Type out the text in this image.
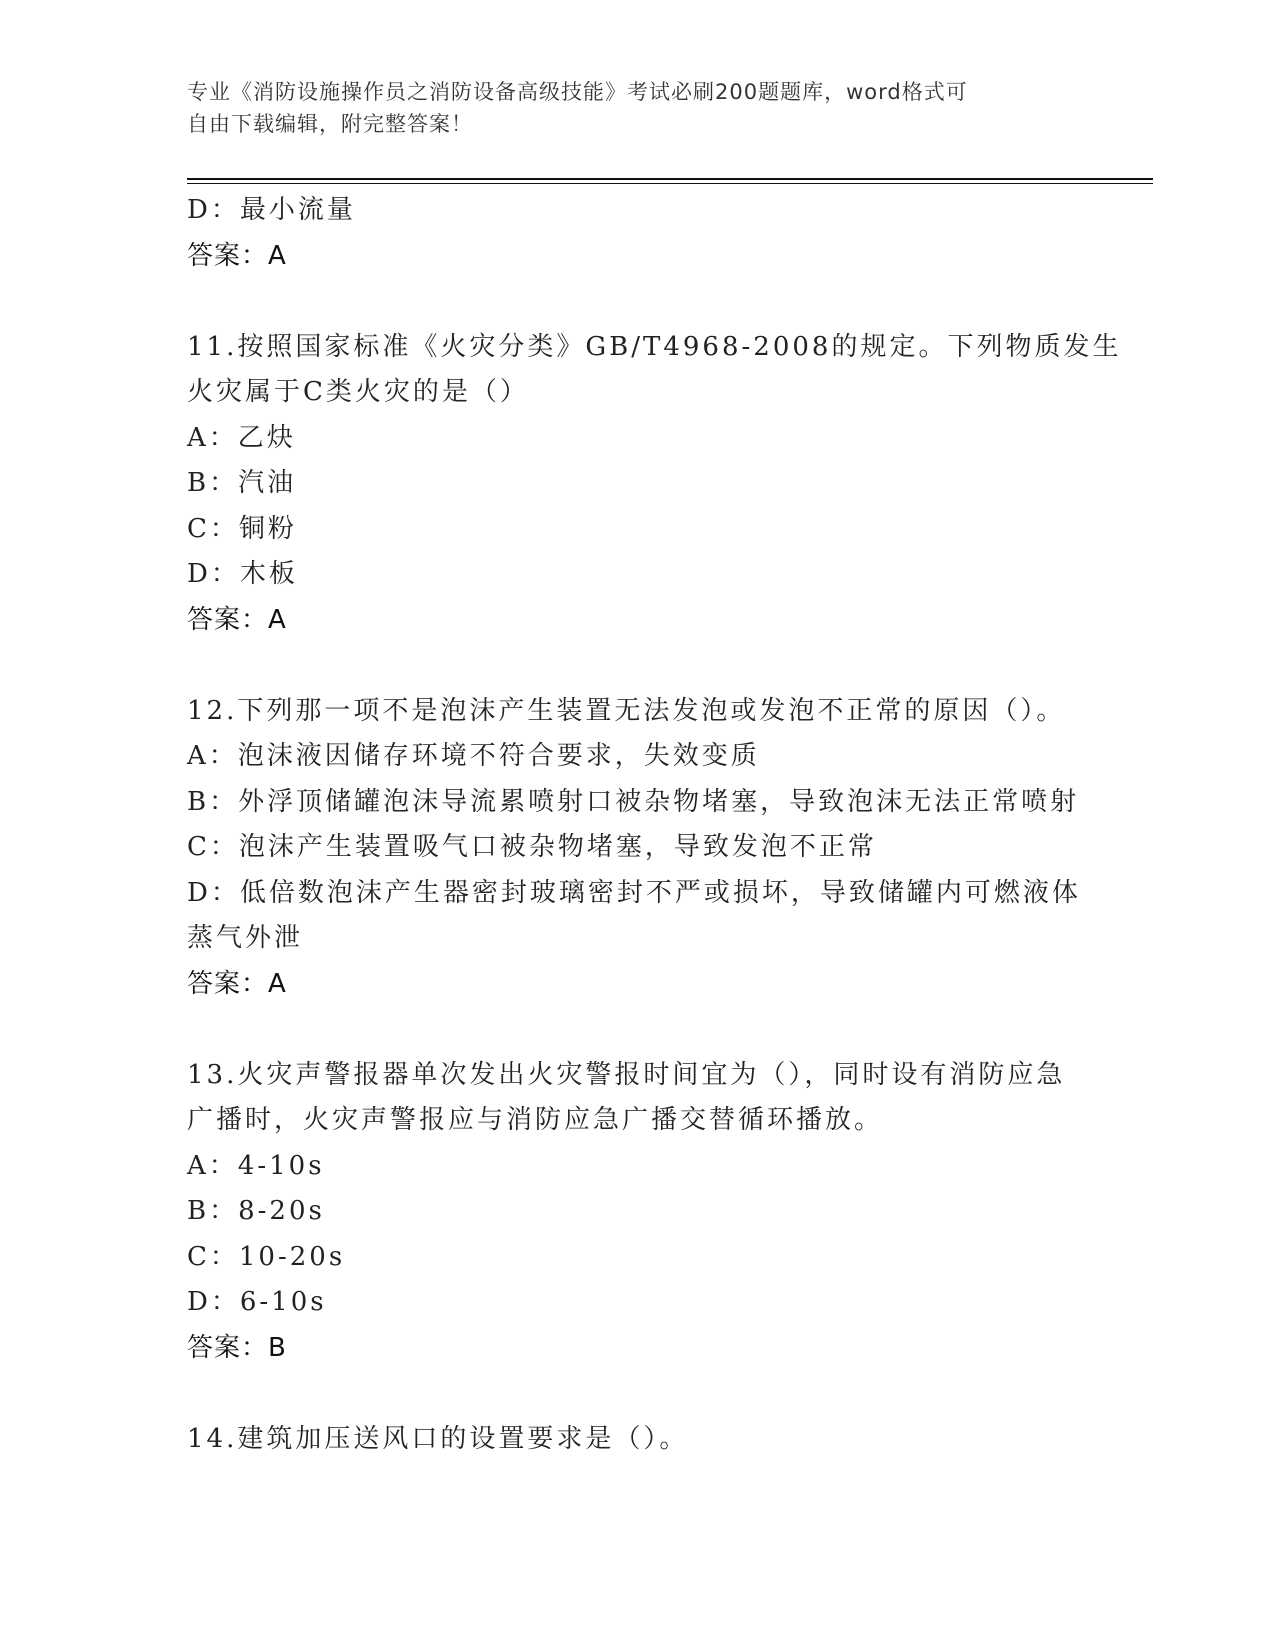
专业《消防设施操作员之消防设备高级技能》考试必刷200题题库，word格式可
自由下载编辑，附完整答案！
D：最小流量
答案：A
11.按照国家标准《火灾分类》GB/T4968-2008的规定。下列物质发生
火灾属于C类火灾的是（）
A：乙炔
B：汽油
C：铜粉
D：木板
答案：A
12.下列那一项不是泡沫产生装置无法发泡或发泡不正常的原因（）。
A：泡沫液因储存环境不符合要求，失效变质
B：外浮顶储罐泡沫导流累喷射口被杂物堵塞，导致泡沫无法正常喷射
C：泡沫产生装置吸气口被杂物堵塞，导致发泡不正常
D：低倍数泡沫产生器密封玻璃密封不严或损坏，导致储罐内可燃液体
蒸气外泄
答案：A
13.火灾声警报器单次发出火灾警报时间宜为（），同时设有消防应急
广播时，火灾声警报应与消防应急广播交替循环播放。
A：4-10s
B：8-20s
C：10-20s
D：6-10s
答案：B
14.建筑加压送风口的设置要求是（）。
